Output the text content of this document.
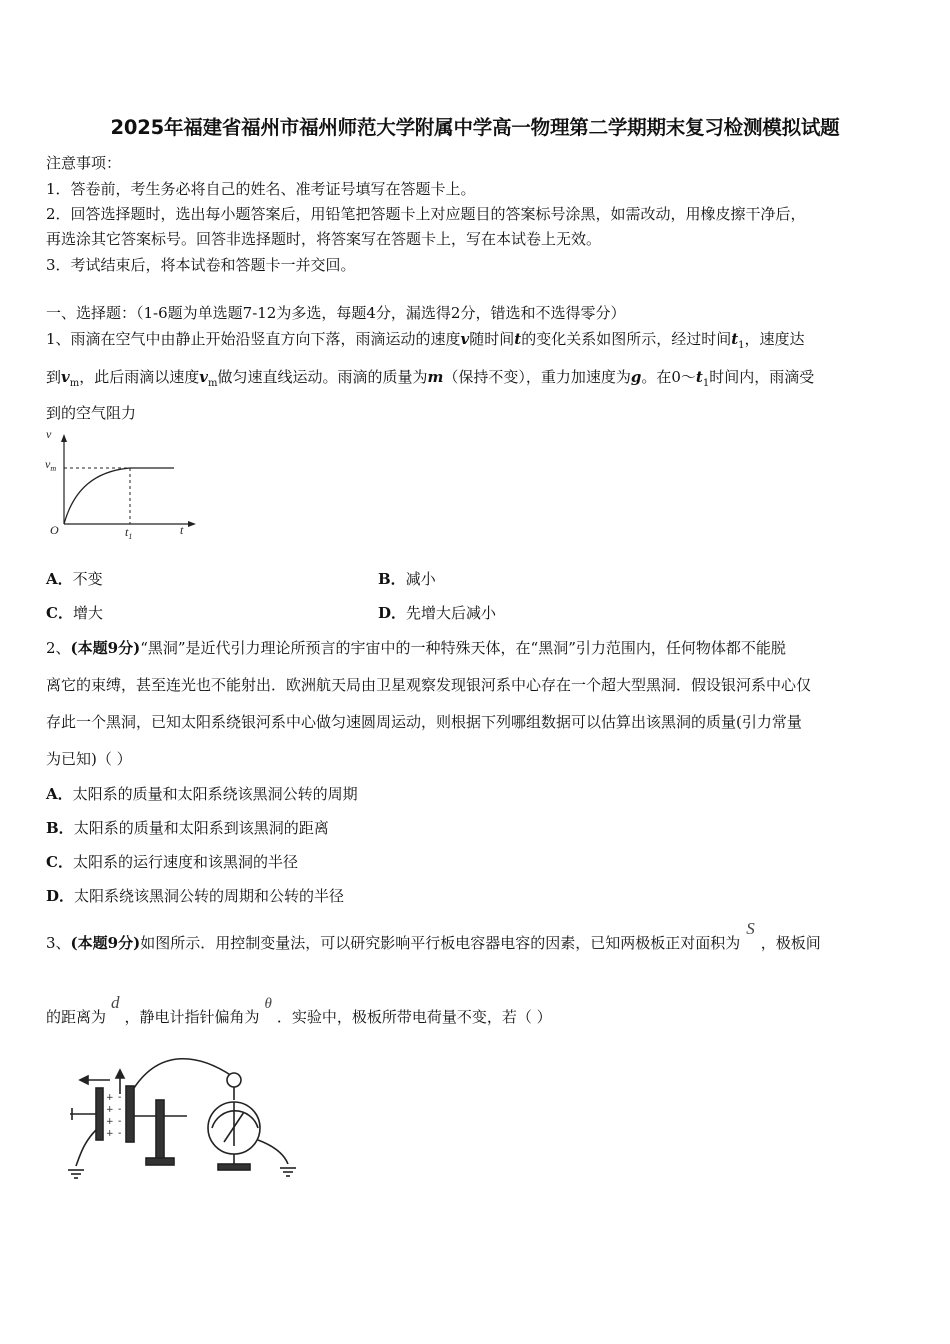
2025年福建省福州市福州师范大学附属中学高一物理第二学期期末复习检测模拟试题
注意事项：
1．答卷前，考生务必将自己的姓名、准考证号填写在答题卡上。
2．回答选择题时，选出每小题答案后，用铅笔把答题卡上对应题目的答案标号涂黑，如需改动，用橡皮擦干净后，
再选涂其它答案标号。回答非选择题时，将答案写在答题卡上，写在本试卷上无效。
3．考试结束后，将本试卷和答题卡一并交回。
一、选择题：（1-6题为单选题7-12为多选，每题4分，漏选得2分，错选和不选得零分）
1、雨滴在空气中由静止开始沿竖直方向下落，雨滴运动的速度v随时间t的变化关系如图所示，经过时间$t_1$，速度达
到$v_m$，此后雨滴以速度$v_m$做匀速直线运动。雨滴的质量为m（保持不变），重力加速度为g。在$0\sim t_1$时间内，雨滴受
到的空气阻力
v
t
O
$v_m$
$t_1$
A．不变	B．减小
C．增大	D．先增大后减小
2、(本题9分)“黑洞”是近代引力理论所预言的宇宙中的一种特殊天体，在“黑洞”引力范围内，任何物体都不能脱
离它的束缚，甚至连光也不能射出．欧洲航天局由卫星观察发现银河系中心存在一个超大型黑洞．假设银河系中心仅
存此一个黑洞，已知太阳系绕银河系中心做匀速圆周运动，则根据下列哪组数据可以估算出该黑洞的质量(引力常量
为已知)（ ）
A．太阳系的质量和太阳系绕该黑洞公转的周期
B．太阳系的质量和太阳系到该黑洞的距离
C．太阳系的运行速度和该黑洞的半径
D．太阳系绕该黑洞公转的周期和公转的半径
3、(本题9分)如图所示．用控制变量法，可以研究影响平行板电容器电容的因素，已知两极板正对面积为S，极板间
的距离为d，静电计指针偏角为θ．实验中，极板所带电荷量不变，若（ ）
+
+
+
+
-
-
-
-
